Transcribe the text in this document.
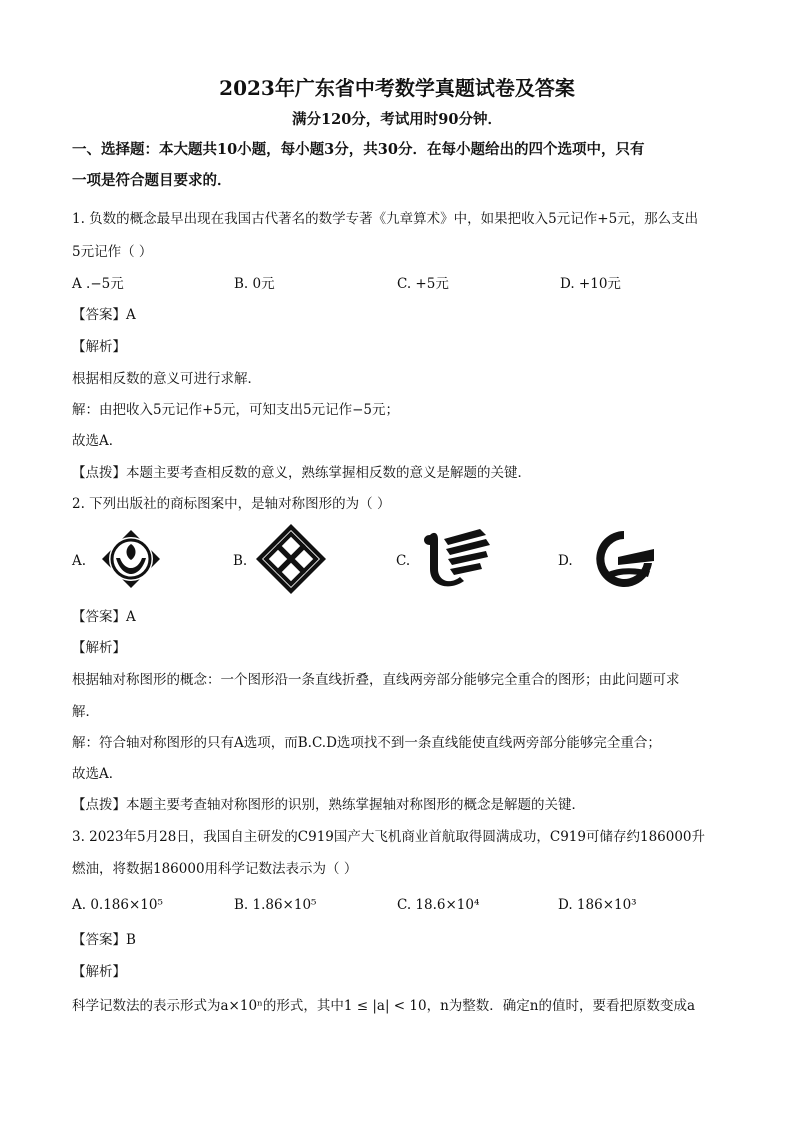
2023年广东省中考数学真题试卷及答案
满分120分，考试用时90分钟．
一、选择题：本大题共10小题，每小题3分，共30分．在每小题给出的四个选项中，只有
一项是符合题目要求的．
1. 负数的概念最早出现在我国古代著名的数学专著《九章算术》中，如果把收入5元记作+5元，那么支出
5元记作（ ）
A .−5元	B. 0元	C. +5元	D. +10元
【答案】A
【解析】
根据相反数的意义可进行求解．
解：由把收入5元记作+5元，可知支出5元记作−5元；
故选A．
【点拨】本题主要考查相反数的意义，熟练掌握相反数的意义是解题的关键．
2. 下列出版社的商标图案中，是轴对称图形的为（ ）
A.	B.	C.	D.
【答案】A
【解析】
根据轴对称图形的概念：一个图形沿一条直线折叠，直线两旁部分能够完全重合的图形；由此问题可求
解．
解：符合轴对称图形的只有A选项，而B.C.D选项找不到一条直线能使直线两旁部分能够完全重合；
故选A．
【点拨】本题主要考查轴对称图形的识别，熟练掌握轴对称图形的概念是解题的关键．
3. 2023年5月28日，我国自主研发的C919国产大飞机商业首航取得圆满成功，C919可储存约186000升
燃油，将数据186000用科学记数法表示为（ ）
A. 0.186×10⁵	B. 1.86×10⁵	C. 18.6×10⁴	D. 186×10³
【答案】B
【解析】
科学记数法的表示形式为a×10ⁿ的形式，其中1 ≤ |a| < 10，n为整数．确定n的值时，要看把原数变成a
